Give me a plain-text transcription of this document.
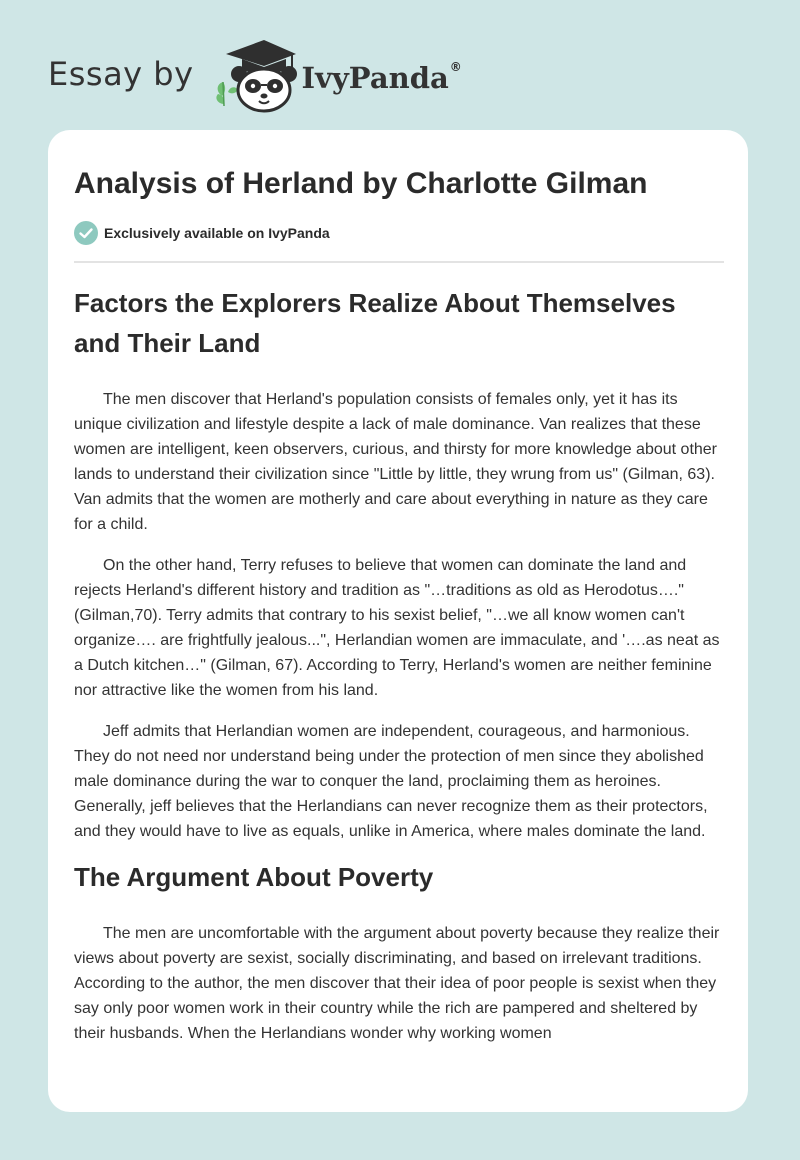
Essay by	IvyPanda®
Analysis of Herland by Charlotte Gilman
Exclusively available on IvyPanda
Factors the Explorers Realize About Themselves and Their Land

The men discover that Herland's population consists of females only, yet it has its unique civilization and lifestyle despite a lack of male dominance. Van realizes that these women are intelligent, keen observers, curious, and thirsty for more knowledge about other lands to understand their civilization since "Little by little, they wrung from us" (Gilman, 63). Van admits that the women are motherly and care about everything in nature as they care for a child.

On the other hand, Terry refuses to believe that women can dominate the land and rejects Herland's different history and tradition as "…traditions as old as Herodotus…." (Gilman,70). Terry admits that contrary to his sexist belief, "…we all know women can't organize…. are frightfully jealous...", Herlandian women are immaculate, and '….as neat as a Dutch kitchen…" (Gilman, 67). According to Terry, Herland's women are neither feminine nor attractive like the women from his land.

Jeff admits that Herlandian women are independent, courageous, and harmonious. They do not need nor understand being under the protection of men since they abolished male dominance during the war to conquer the land, proclaiming them as heroines. Generally, jeff believes that the Herlandians can never recognize them as their protectors, and they would have to live as equals, unlike in America, where males dominate the land.

The Argument About Poverty

The men are uncomfortable with the argument about poverty because they realize their views about poverty are sexist, socially discriminating, and based on irrelevant traditions. According to the author, the men discover that their idea of poor people is sexist when they say only poor women work in their country while the rich are pampered and sheltered by their husbands. When the Herlandians wonder why working women
